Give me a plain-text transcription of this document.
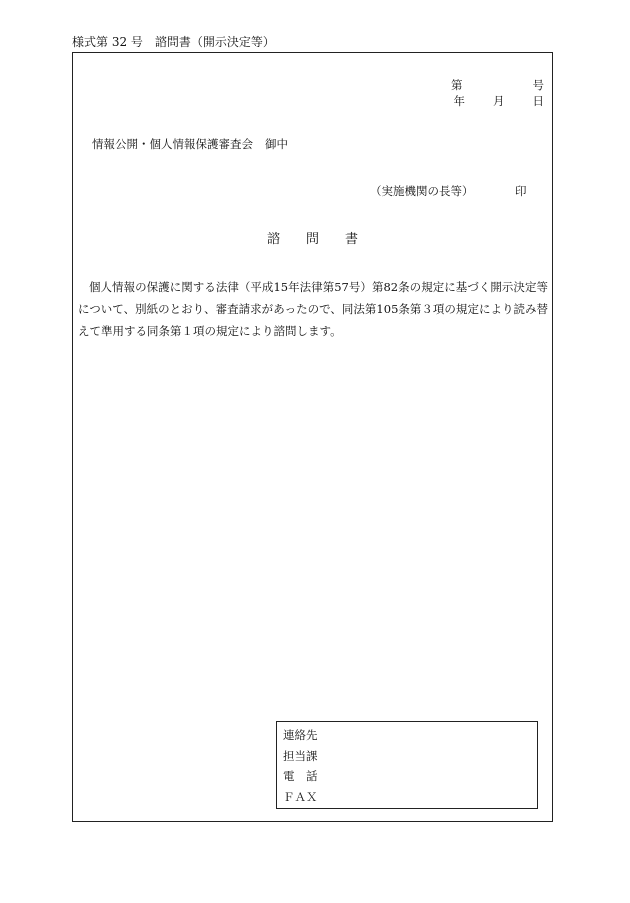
様式第 32 号　諮問書（開示決定等）
第	号
年 月 日
情報公開・個人情報保護審査会 御中
（実施機関の長等）	印
諮問書
個人情報の保護に関する法律（平成15年法律第57号）第82条の規定に基づく開示決定等について、別紙のとおり、審査請求があったので、同法第105条第３項の規定により読み替えて準用する同条第１項の規定により諮問します。
連絡先
担当課
電　話
ＦＡＸ
